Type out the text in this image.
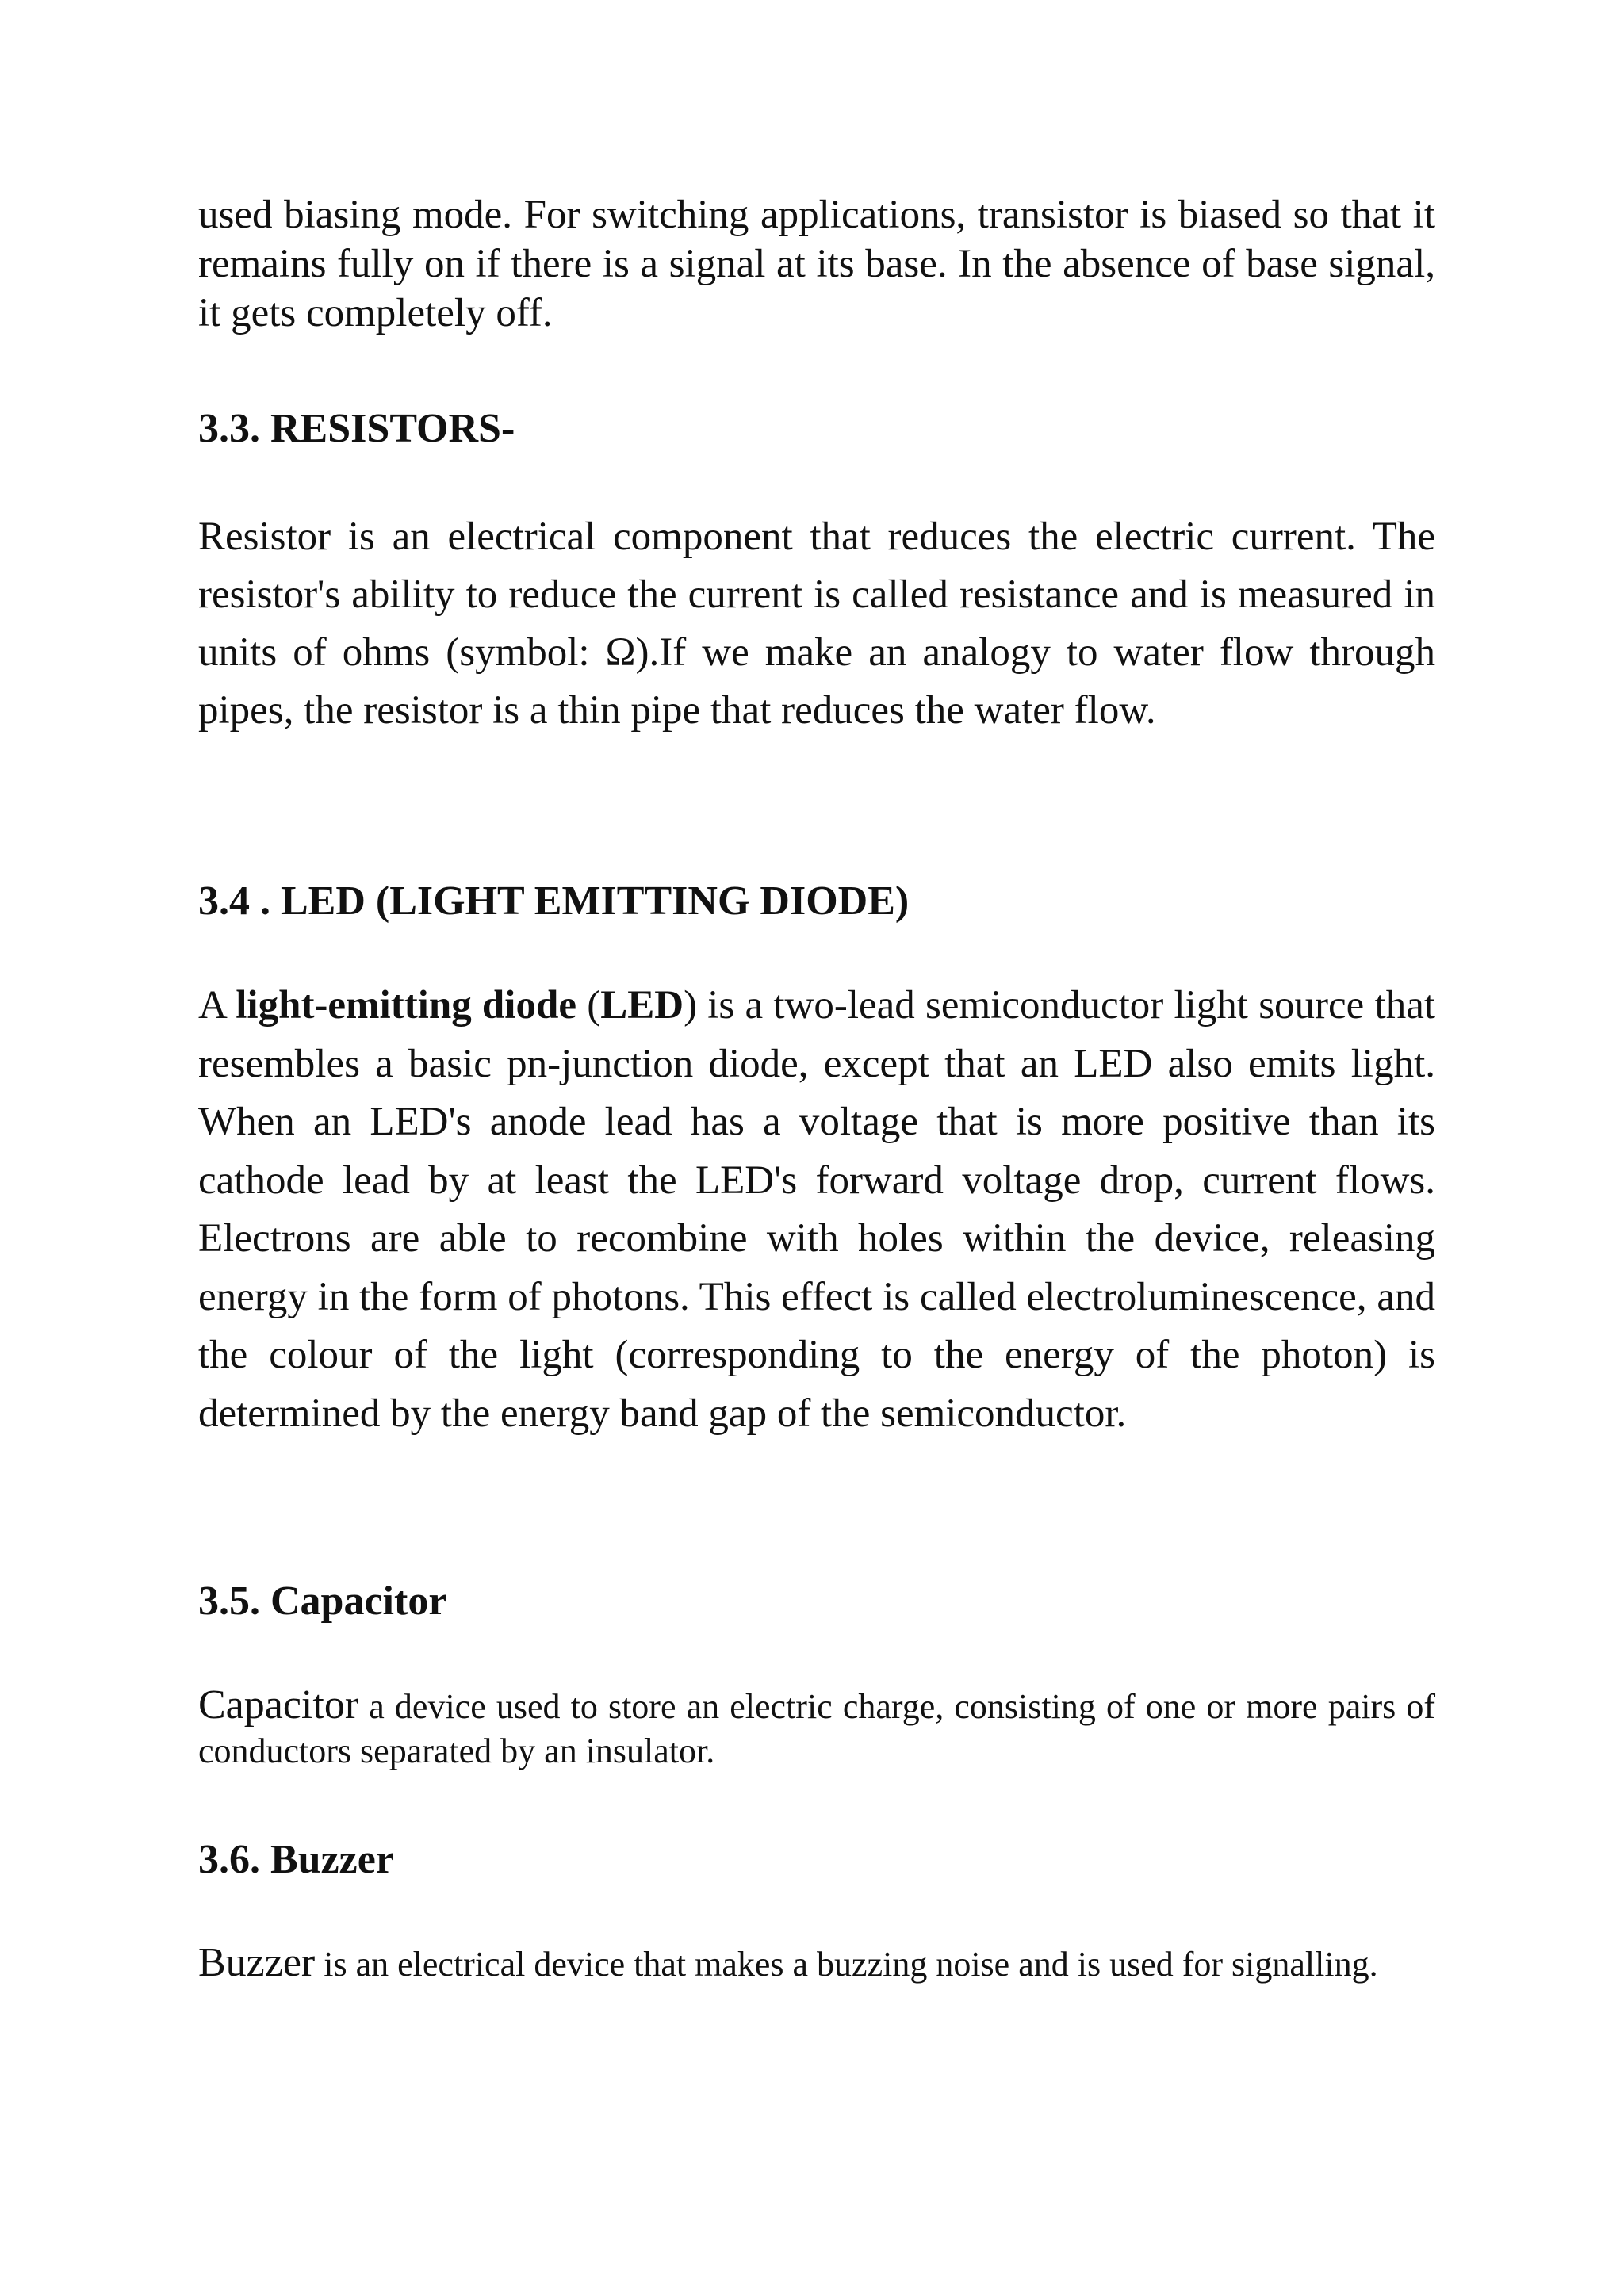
used biasing mode. For switching applications, transistor is biased so that it remains fully on if there is a signal at its base. In the absence of base signal, it gets completely off.

3.3. RESISTORS-

Resistor is an electrical component that reduces the electric current. The resistor's ability to reduce the current is called resistance and is measured in units of ohms (symbol: Ω).If we make an analogy to water flow through pipes, the resistor is a thin pipe that reduces the water flow.

3.4 . LED (LIGHT EMITTING DIODE)

A light-emitting diode (LED) is a two-lead semiconductor light source that resembles a basic pn-junction diode, except that an LED also emits light. When an LED's anode lead has a voltage that is more positive than its cathode lead by at least the LED's forward voltage drop, current flows. Electrons are able to recombine with holes within the device, releasing energy in the form of photons. This effect is called electroluminescence, and the colour of the light (corresponding to the energy of the photon) is determined by the energy band gap of the semiconductor.

3.5. Capacitor

Capacitor a device used to store an electric charge, consisting of one or more pairs of conductors separated by an insulator.

3.6. Buzzer

Buzzer is an electrical device that makes a buzzing noise and is used for signalling.
